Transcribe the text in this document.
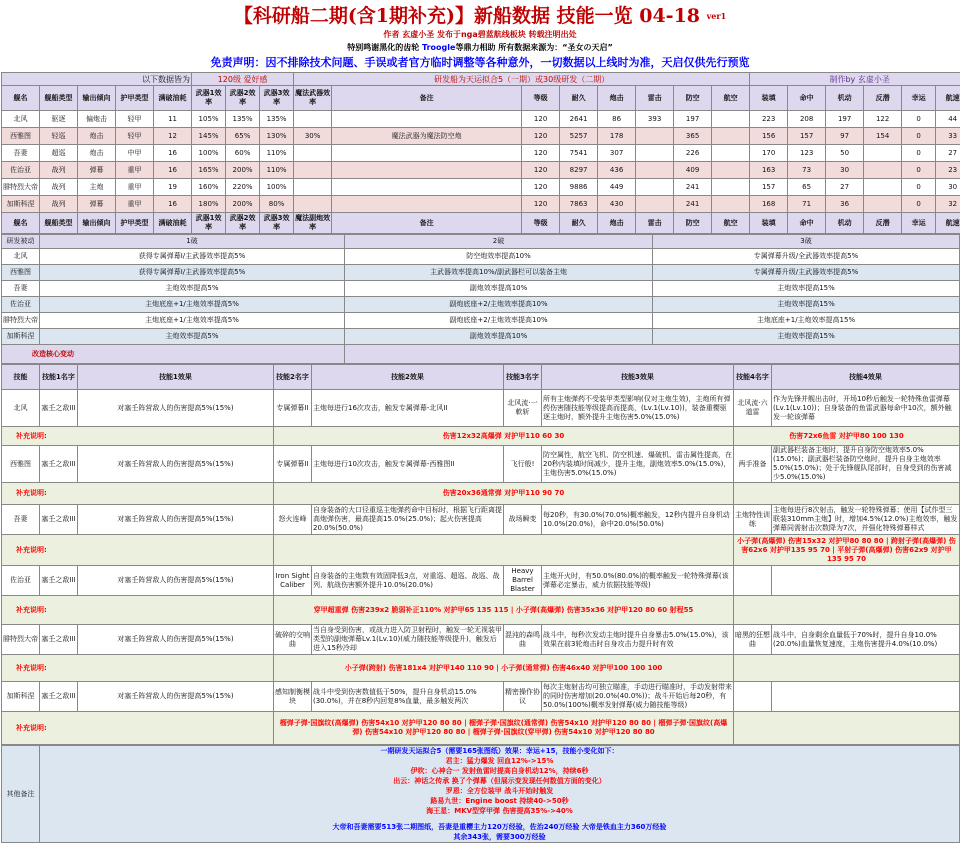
【科研船二期(含1期补充)】新船数据 技能一览 04-18 $^{ver1}$
作者 玄虚小圣 发布于nga碧蓝航线板块 转载注明出处
特别鸣谢黑化的齿轮 Troogle等鼎力相助 所有数据来源为：“圣女の天启”
免责声明：因不排除技术问题、手误或者官方临时调整等各种意外，一切数据以上线时为准，天启仅供先行预览
以下数据皆为					120级 爱好感			研发船为天运拟合5（一期）或30级研发（二期）								制作by 玄虚小圣					
舰名	舰船类型	输出倾向	护甲类型	满破油耗	武器1效率	武器2效率	武器3效率	魔法武器效率	备注	等级	耐久	炮击	雷击	防空	航空	装填	命中	机动	反潜	幸运	航速
北风	驱逐	偏炮击	轻甲	11	105%	135%	135%			120	2641	86	393	197		223	208	197	122	0	44
西雅图	轻巡	炮击	轻甲	12	145%	65%	130%	30%	魔法武器为魔法防空炮	120	5257	178		365		156	157	97	154	0	33
吾妻	超巡	炮击	中甲	16	100%	60%	110%			120	7541	307		226		170	123	50		0	27
佐治亚	战列	弹幕	重甲	16	165%	200%	110%			120	8297	436		409		163	73	30		0	23
腓特烈大帝	战列	主炮	重甲	19	160%	220%	100%			120	9886	449		241		157	65	27		0	30
加斯科涅	战列	弹幕	重甲	16	180%	200%	80%			120	7863	430		241		168	71	36		0	32
舰名	舰船类型	输出倾向	护甲类型	满破油耗	武器1效率	武器2效率	武器3效率	魔法副炮效率	备注	等级	耐久	炮击	雷击	防空	航空	装填	命中	机动	反潜	幸运	航速
研发被动	1破	2破	3破
北风	获得专属弹幕I/主武器效率提高5%	防空炮效率提高10%	专属弹幕升级/全武器效率提高5%
西雅图	获得专属弹幕I/主武器效率提高5%	主武器效率提高10%/副武器栏可以装备主炮	专属弹幕升级/主武器效率提高5%
吾妻	主炮效率提高5%	副炮效率提高10%	主炮效率提高15%
佐治亚	主炮底座+1/主炮效率提高5%	副炮底座+2/主炮效率提高10%	主炮效率提高15%
腓特烈大帝	主炮底座+1/主炮效率提高5%	副炮底座+2/主炮效率提高10%	主炮底座+1/主炮效率提高15%
加斯科涅	主炮效率提高5%	副炮效率提高10%	主炮效率提高15%
改造核心变动			
技能	技能1名字	技能1效果	技能2名字	技能2效果	技能3名字	技能3效果	技能4名字	技能4效果
北风	塞壬之敌III	对塞壬阵营敌人的伤害提高5%(15%)	专属弹幕II	主炮每进行16次攻击，触发专属弹幕-北风II	北风流·一軟斩	所有主炮弹药不受装甲类型影响(仅对主炮生效)，主炮所有弹药伤害随技能等级提高而提高，(Lv.1(Lv.10))，装备重樱驱逐主炮时，额外提升主炮伤害5.0%(15.0%)	北风流·六道雷	作为先锋并舰出击时，开场10秒后触发一轮特殊鱼雷弹幕(Lv.1(Lv.10))；自身装备的鱼雷武器每命中10次，额外触发一轮该弹幕
补充说明:			伤害12x32高爆弹 对护甲110 60 30				伤害72x6鱼雷 对护甲80 100 130	
西雅图	塞壬之敌III	对塞壬阵营敌人的伤害提高5%(15%)	专属弹幕II	主炮每进行10次攻击，触发专属弹幕-西雅图II	飞行般!	防空属性，航空飞机、防空机速、爆破机、雷击属性提高，在20秒内装填时间减少，提升主炮，副炮效率5.0%(15.0%)，主炮伤害5.0%(15.0%)	两手准备	副武器栏装备主炮时，提升自身防空炮效率5.0%(15.0%)；副武器栏装备防空炮时，提升自身主炮效率5.0%(15.0%)；处于先锋舰队尾部时，自身受到的伤害减少5.0%(15.0%)
补充说明:			伤害20x36通常弹 对护甲110 90 70					
吾妻	塞壬之敌III	对塞壬阵营敌人的伤害提高5%(15%)	怒火连峰	自身装备的大口径重巡主炮弹药命中目标时，根据飞行距离提高炮弹伤害，最高提高15.0%(25.0%)；起火伤害提高20.0%(50.0%)	战场瞬变	每20秒，有30.0%(70.0%)概率触发，12秒内提升自身机动10.0%(20.0%)，命中20.0%(50.0%)	主炮特性训练	主炮每进行8次射击，触发一轮特殊弹幕；使用【试作型三联装310mm主炮】时，增加4.5%(12.0%)主炮效率，触发弹幕同需射击次数降为7次，并强化特殊弹幕样式
补充说明:							小子弹(高爆弹) 伤害15x32 对护甲80 80 80 | 跨射子弹(高爆弹) 伤害62x6 对护甲135 95 70 | 平射子弹(高爆弹) 伤害62x9 对护甲135 95 70	
佐治亚	塞壬之敌III	对塞壬阵营敌人的伤害提高5%(15%)	Iron Sight Caliber	自身装备的主炮数有效固降低3点，对重巡、超巡、战巡、战列、航战伤害额外提升10.0%(20.0%)	Heavy Barrel Blaster	主炮开火时，有50.0%(80.0%)的概率触发一轮特殊弹幕(该弹幕必定暴击，威力依据技能等级)		
补充说明:			穿甲超重弹 伤害239x2 脆弱补正110% 对护甲65 135 115 | 小子弹(高爆弹) 伤害35x36 对护甲120 80 60 射程55					
腓特烈大帝	塞壬之敌III	对塞壬阵营敌人的伤害提高5%(15%)	破碎的交响曲	当自身受到伤害，或战力进入防卫射程时，触发一轮无视装甲类型的副炮弹幕Lv.1(Lv.10)(威力随技能等级提升)，触发后进入15秒冷却	混沌的森鸣曲	战斗中，每秒次发动主炮时提升自身暴击5.0%(15.0%)，该效果在前3轮炮击时自身攻击力提升时有效	暗黑的狂想曲	战斗中，自身剩余血量低于70%时，提升自身10.0%(20.0%)血量恢复速度，主炮伤害提升4.0%(10.0%)
补充说明:			小子弹(跨射) 伤害181x4 对护甲140 110 90 | 小子弹(通常弹) 伤害46x40 对护甲100 100 100					
加斯科涅	塞壬之敌III	对塞壬阵营敌人的伤害提高5%(15%)	感知制衡模块	战斗中受到伤害数值低于50%，提升自身机动15.0%(30.0%)，并在8秒内回复8%血量，最多触发两次	精密操作协议	每次主炮射击均可独立瞄准，手动进行瞄准时，手动发射带来的同时伤害增加(20.0%(40.0%))；战斗开始后每20秒，有50.0%(100%)概率发射弹幕(威力随技能等级)		
补充说明:			榴弹子弹·国旗纹(高爆弹) 伤害54x10 对护甲120 80 80 | 榴弹子弹·国旗纹(通常弹) 伤害54x10 对护甲120 80 80 | 榴弹子弹·国旗纹(高爆弹) 伤害54x10 对护甲120 80 80 | 榴弹子弹·国旗纹(穿甲弹) 伤害54x10 对护甲120 80 80					
其他备注	
一期研发天运拟合5（需要165张图纸）效果：幸运+15，技能小变化如下：
君主：猛力爆发 回血12%->15%
伊吹：心神合一 发射鱼雷时提高自身机动12%，持续6秒
出云：神话之传承 换了个弹幕（但展示变发现任何数值方面的变化）
罗恩：全方位装甲 战斗开始时触发
路易九世：Engine boost 持续40->50秒
海王星：MKV型穿甲弹 伤害提高35%->40%
大帝和吾妻需要513张二期图纸，吾妻是重樱主力120万经验，佐治240万经验 大帝是铁血主力360万经验
其余343张，需要300万经验
